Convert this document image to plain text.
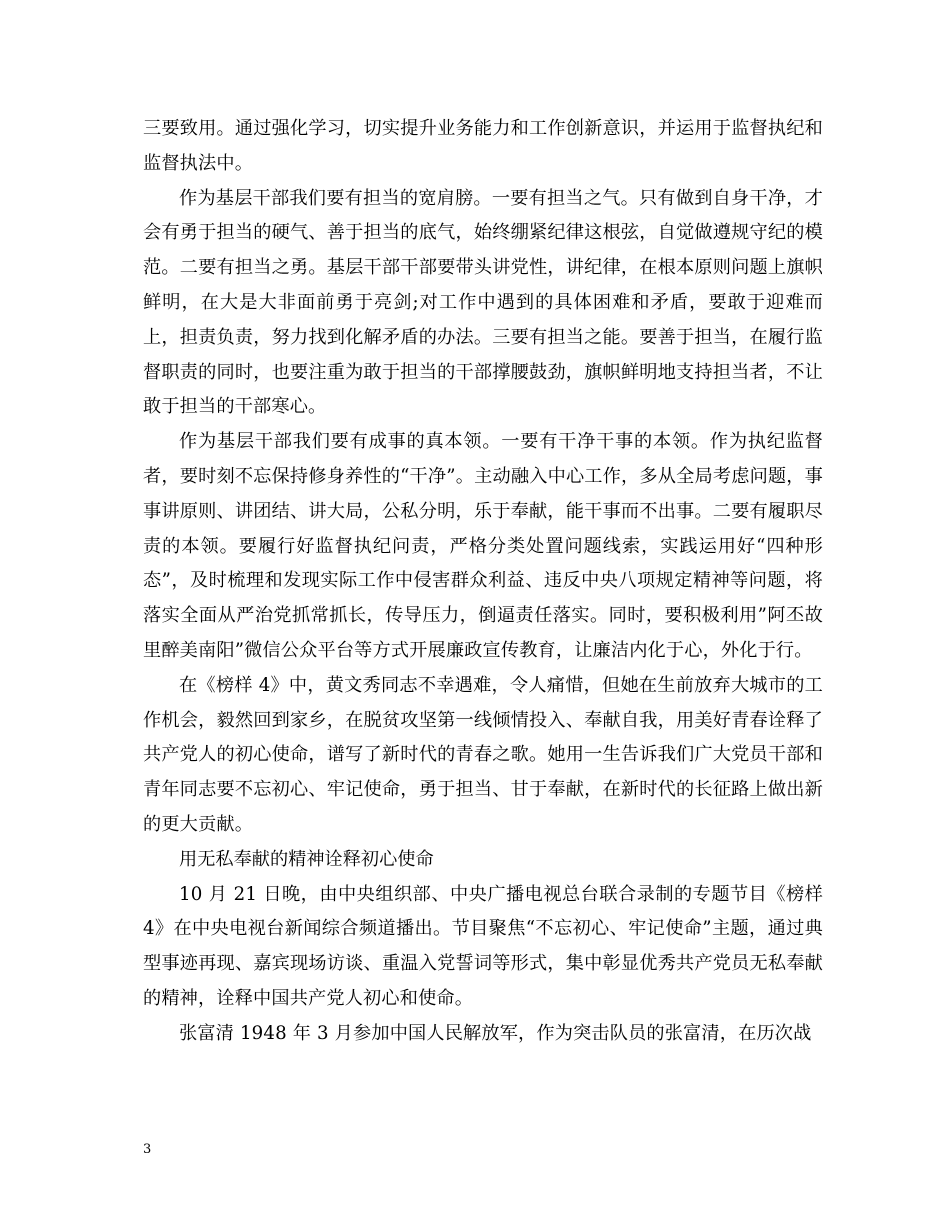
三要致用。通过强化学习，切实提升业务能力和工作创新意识，并运用于监督执纪和监督执法中。

作为基层干部我们要有担当的宽肩膀。一要有担当之气。只有做到自身干净，才会有勇于担当的硬气、善于担当的底气，始终绷紧纪律这根弦，自觉做遵规守纪的模范。二要有担当之勇。基层干部干部要带头讲党性，讲纪律，在根本原则问题上旗帜鲜明，在大是大非面前勇于亮剑;对工作中遇到的具体困难和矛盾，要敢于迎难而上，担责负责，努力找到化解矛盾的办法。三要有担当之能。要善于担当，在履行监督职责的同时，也要注重为敢于担当的干部撑腰鼓劲，旗帜鲜明地支持担当者，不让敢于担当的干部寒心。

作为基层干部我们要有成事的真本领。一要有干净干事的本领。作为执纪监督者，要时刻不忘保持修身养性的“干净”。主动融入中心工作，多从全局考虑问题，事事讲原则、讲团结、讲大局，公私分明，乐于奉献，能干事而不出事。二要有履职尽责的本领。要履行好监督执纪问责，严格分类处置问题线索，实践运用好“四种形态”，及时梳理和发现实际工作中侵害群众利益、违反中央八项规定精神等问题，将落实全面从严治党抓常抓长，传导压力，倒逼责任落实。同时，要积极利用”阿丕故里醉美南阳”微信公众平台等方式开展廉政宣传教育，让廉洁内化于心，外化于行。

在《榜样 4》中，黄文秀同志不幸遇难，令人痛惜，但她在生前放弃大城市的工作机会，毅然回到家乡，在脱贫攻坚第一线倾情投入、奉献自我，用美好青春诠释了共产党人的初心使命，谱写了新时代的青春之歌。她用一生告诉我们广大党员干部和青年同志要不忘初心、牢记使命，勇于担当、甘于奉献，在新时代的长征路上做出新的更大贡献。

用无私奉献的精神诠释初心使命

10 月 21 日晚，由中央组织部、中央广播电视总台联合录制的专题节目《榜样 4》在中央电视台新闻综合频道播出。节目聚焦“不忘初心、牢记使命”主题，通过典型事迹再现、嘉宾现场访谈、重温入党誓词等形式，集中彰显优秀共产党员无私奉献的精神，诠释中国共产党人初心和使命。

张富清 1948 年 3 月参加中国人民解放军，作为突击队员的张富清，在历次战

3
